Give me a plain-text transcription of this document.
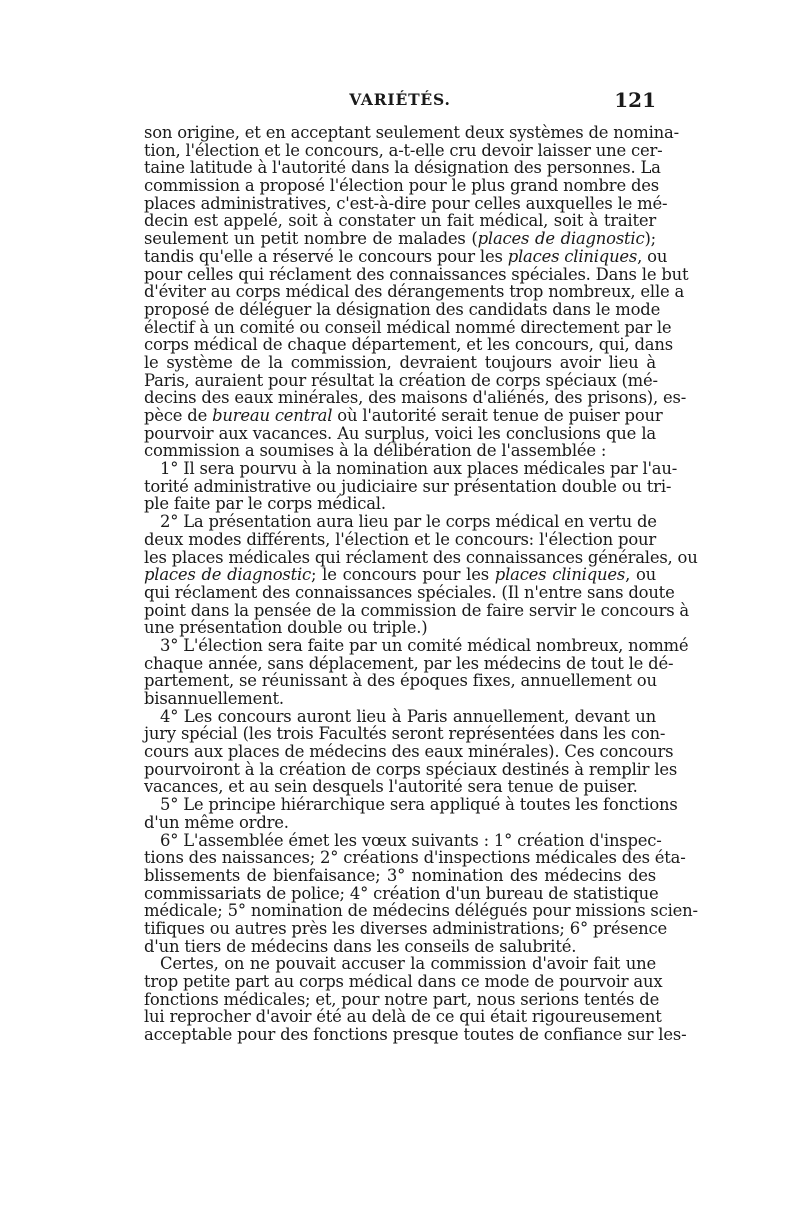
VARIÉTÉS.	121
son origine, et en acceptant seulement deux systèmes de nomina-
tion, l'élection et le concours, a-t-elle cru devoir laisser une cer-
taine latitude à l'autorité dans la désignation des personnes. La
commission a proposé l'élection pour le plus grand nombre des
places administratives, c'est-à-dire pour celles auxquelles le mé-
decin est appelé, soit à constater un fait médical, soit à traiter
seulement un petit nombre de malades (places de diagnostic);
tandis qu'elle a réservé le concours pour les places cliniques, ou
pour celles qui réclament des connaissances spéciales. Dans le but
d'éviter au corps médical des dérangements trop nombreux, elle a
proposé de déléguer la désignation des candidats dans le mode
électif à un comité ou conseil médical nommé directement par le
corps médical de chaque département, et les concours, qui, dans
le système de la commission, devraient toujours avoir lieu à
Paris, auraient pour résultat la création de corps spéciaux (mé-
decins des eaux minérales, des maisons d'aliénés, des prisons), es-
pèce de bureau central où l'autorité serait tenue de puiser pour
pourvoir aux vacances. Au surplus, voici les conclusions que la
commission a soumises à la délibération de l'assemblée :
1° Il sera pourvu à la nomination aux places médicales par l'au-
torité administrative ou judiciaire sur présentation double ou tri-
ple faite par le corps médical.
2° La présentation aura lieu par le corps médical en vertu de
deux modes différents, l'élection et le concours: l'élection pour
les places médicales qui réclament des connaissances générales, ou
places de diagnostic; le concours pour les places cliniques, ou
qui réclament des connaissances spéciales. (Il n'entre sans doute
point dans la pensée de la commission de faire servir le concours à
une présentation double ou triple.)
3° L'élection sera faite par un comité médical nombreux, nommé
chaque année, sans déplacement, par les médecins de tout le dé-
partement, se réunissant à des époques fixes, annuellement ou
bisannuellement.
4° Les concours auront lieu à Paris annuellement, devant un
jury spécial (les trois Facultés seront représentées dans les con-
cours aux places de médecins des eaux minérales). Ces concours
pourvoiront à la création de corps spéciaux destinés à remplir les
vacances, et au sein desquels l'autorité sera tenue de puiser.
5° Le principe hiérarchique sera appliqué à toutes les fonctions
d'un même ordre.
6° L'assemblée émet les vœux suivants : 1° création d'inspec-
tions des naissances; 2° créations d'inspections médicales des éta-
blissements de bienfaisance; 3° nomination des médecins des
commissariats de police; 4° création d'un bureau de statistique
médicale; 5° nomination de médecins délégués pour missions scien-
tifiques ou autres près les diverses administrations; 6° présence
d'un tiers de médecins dans les conseils de salubrité.
Certes, on ne pouvait accuser la commission d'avoir fait une
trop petite part au corps médical dans ce mode de pourvoir aux
fonctions médicales; et, pour notre part, nous serions tentés de
lui reprocher d'avoir été au delà de ce qui était rigoureusement
acceptable pour des fonctions presque toutes de confiance sur les-
